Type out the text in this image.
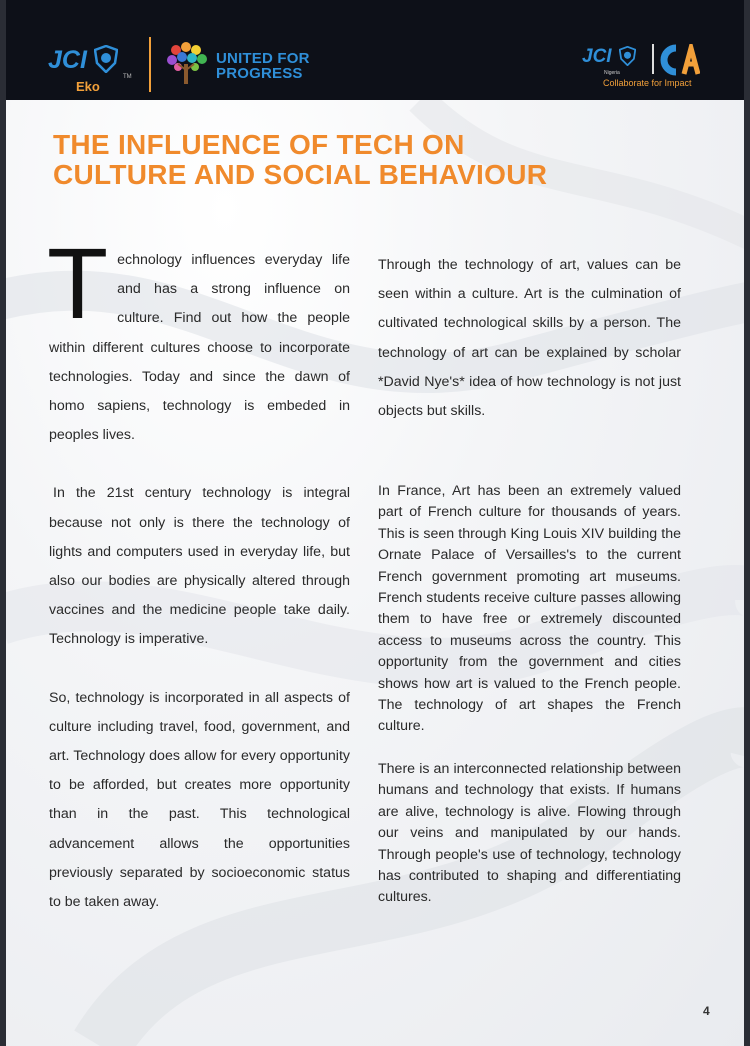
JCI
TM
Eko
UNITED FOR
PROGRESS
JCI
Nigeria
Collaborate for Impact
THE INFLUENCE OF TECH ON
CULTURE AND SOCIAL BEHAVIOUR

Technology influences everyday life and has a strong influence on culture. Find out how the people within different cultures choose to incorporate technologies. Today and since the dawn of homo sapiens, technology is embeded in peoples lives.

In the 21st century technology is integral because not only is there the technology of lights and computers used in everyday life, but also our bodies are physically altered through vaccines and the medicine people take daily. Technology is imperative.

So, technology is incorporated in all aspects of culture including travel, food, government, and art. Technology does allow for every opportunity to be afforded, but creates more opportunity than in the past. This technological advancement allows the opportunities previously separated by socioeconomic status to be taken away.

Through the technology of art, values can be seen within a culture. Art is the culmination of cultivated technological skills by a person. The technology of art can be explained by scholar *David Nye's* idea of how technology is not just objects but skills.

In France, Art has been an extremely valued part of French culture for thousands of years. This is seen through King Louis XIV building the Ornate Palace of Versailles's to the current French government promoting art museums. French students receive culture passes allowing them to have free or extremely discounted access to museums across the country. This opportunity from the government and cities shows how art is valued to the French people. The technology of art shapes the French culture.

There is an interconnected relationship between humans and technology that exists. If humans are alive, technology is alive. Flowing through our veins and manipulated by our hands. Through people's use of technology, technology has contributed to shaping and differentiating cultures.

4
